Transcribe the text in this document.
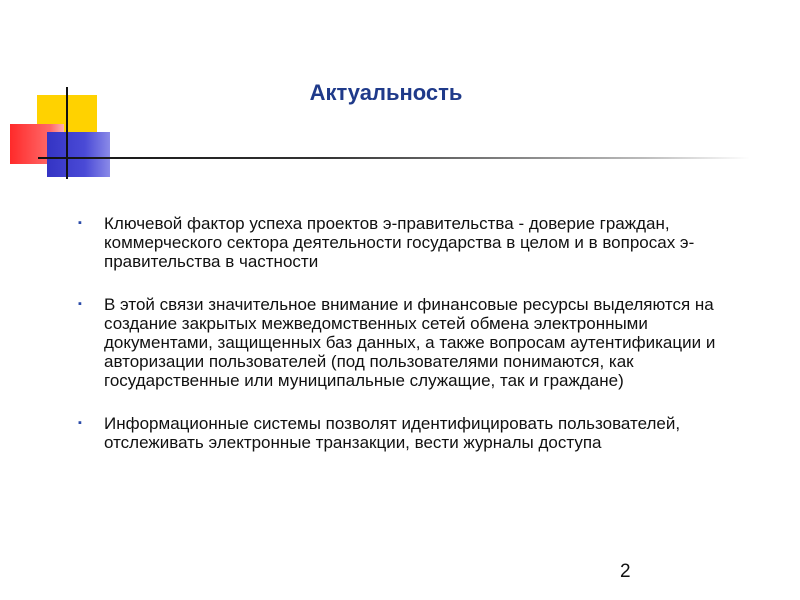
Актуальность
▪ Ключевой фактор успеха проектов э-правительства - доверие граждан, коммерческого сектора деятельности государства в целом и в вопросах э-правительства в частности
▪ В этой связи значительное внимание и финансовые ресурсы выделяются на создание закрытых межведомственных сетей обмена электронными документами, защищенных баз данных, а также вопросам аутентификации и авторизации пользователей (под пользователями понимаются, как государственные или муниципальные служащие, так и граждане)
▪ Информационные системы позволят идентифицировать пользователей, отслеживать электронные транзакции, вести журналы доступа
2
